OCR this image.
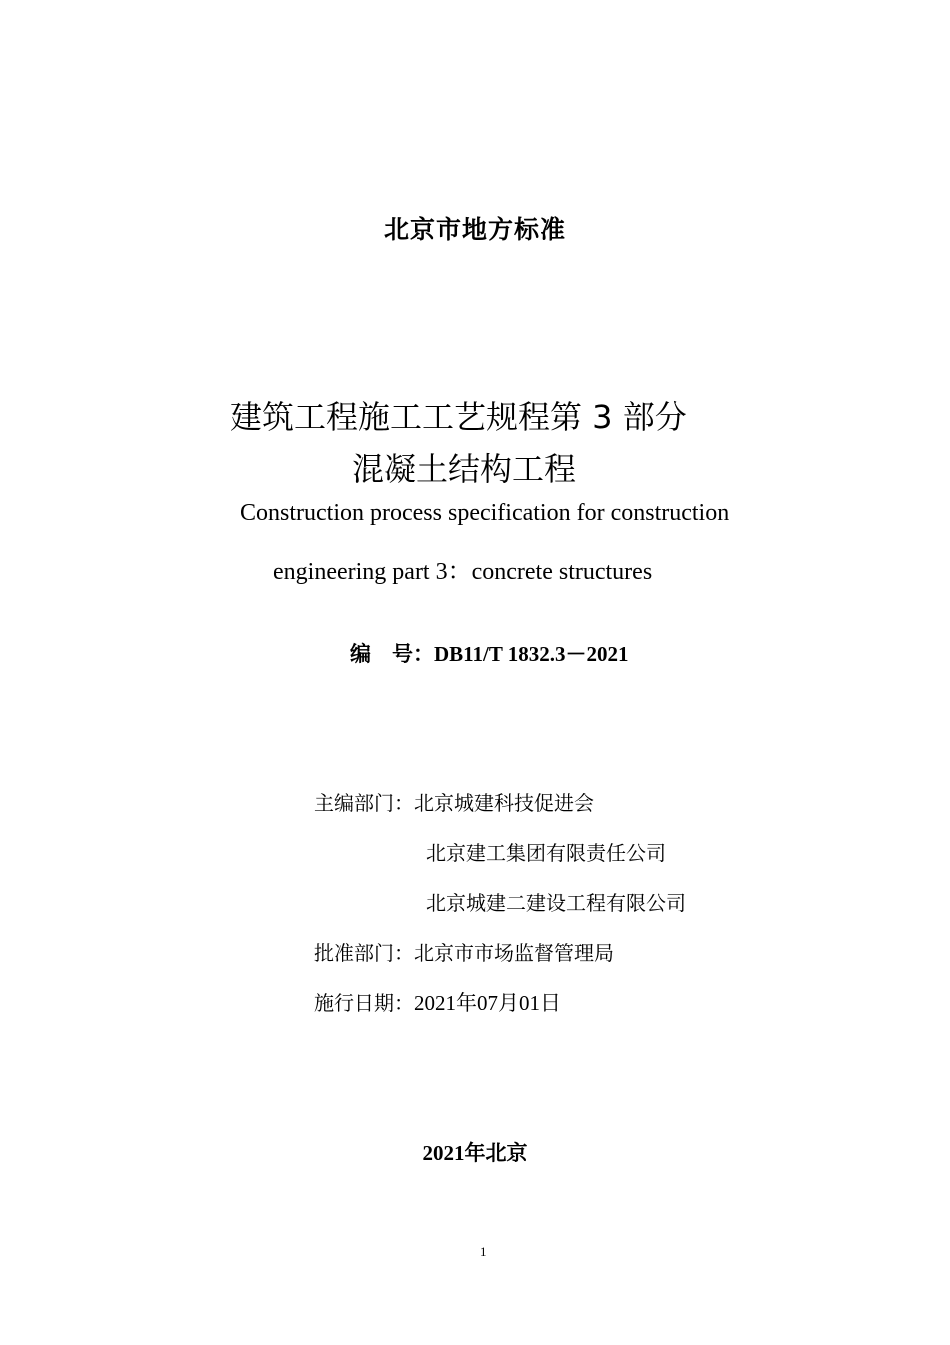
北京市地方标准
建筑工程施工工艺规程第 3 部分
混凝土结构工程
Construction process specification for construction
engineering part 3：concrete structures
编　号：DB11/T 1832.3－2021
主编部门：北京城建科技促进会
北京建工集团有限责任公司
北京城建二建设工程有限公司
批准部门：北京市市场监督管理局
施行日期：2021年07月01日
2021年北京
1
